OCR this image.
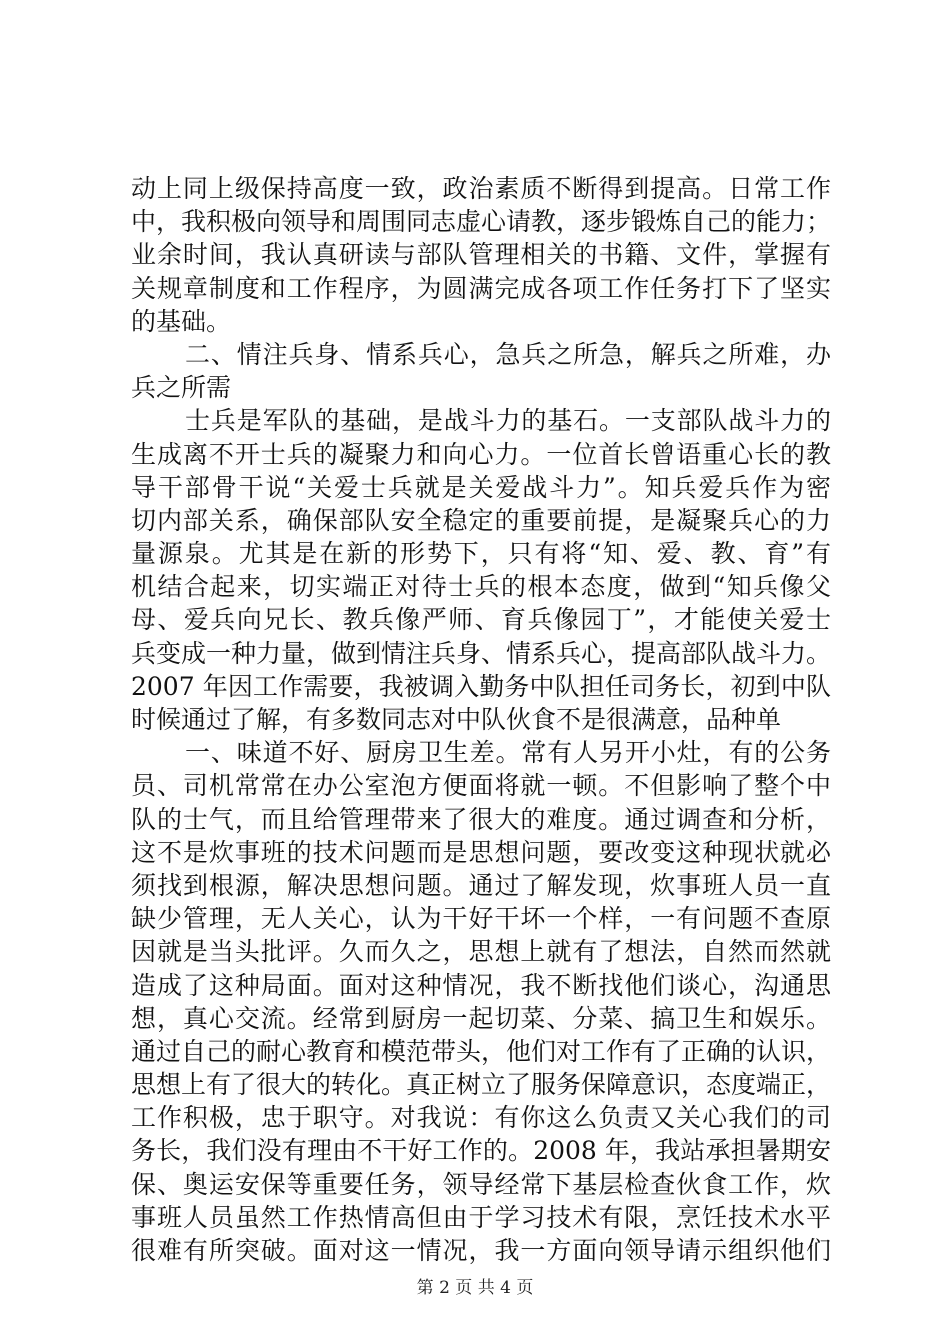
动上同上级保持高度一致，政治素质不断得到提高。日常工作
中，我积极向领导和周围同志虚心请教，逐步锻炼自己的能力；
业余时间，我认真研读与部队管理相关的书籍、文件，掌握有
关规章制度和工作程序，为圆满完成各项工作任务打下了坚实
的基础。
二、情注兵身、情系兵心，急兵之所急，解兵之所难，办
兵之所需
士兵是军队的基础，是战斗力的基石。一支部队战斗力的
生成离不开士兵的凝聚力和向心力。一位首长曾语重心长的教
导干部骨干说“关爱士兵就是关爱战斗力”。知兵爱兵作为密
切内部关系，确保部队安全稳定的重要前提，是凝聚兵心的力
量源泉。尤其是在新的形势下，只有将“知、爱、教、育”有
机结合起来，切实端正对待士兵的根本态度，做到“知兵像父
母、爱兵向兄长、教兵像严师、育兵像园丁”，才能使关爱士
兵变成一种力量，做到情注兵身、情系兵心，提高部队战斗力。
2007 年因工作需要，我被调入勤务中队担任司务长，初到中队
时候通过了解，有多数同志对中队伙食不是很满意，品种单
一、味道不好、厨房卫生差。常有人另开小灶，有的公务
员、司机常常在办公室泡方便面将就一顿。不但影响了整个中
队的士气，而且给管理带来了很大的难度。通过调查和分析，
这不是炊事班的技术问题而是思想问题，要改变这种现状就必
须找到根源，解决思想问题。通过了解发现，炊事班人员一直
缺少管理，无人关心，认为干好干坏一个样，一有问题不查原
因就是当头批评。久而久之，思想上就有了想法，自然而然就
造成了这种局面。面对这种情况，我不断找他们谈心，沟通思
想，真心交流。经常到厨房一起切菜、分菜、搞卫生和娱乐。
通过自己的耐心教育和模范带头，他们对工作有了正确的认识，
思想上有了很大的转化。真正树立了服务保障意识，态度端正，
工作积极，忠于职守。对我说：有你这么负责又关心我们的司
务长，我们没有理由不干好工作的。2008 年，我站承担暑期安
保、奥运安保等重要任务，领导经常下基层检查伙食工作，炊
事班人员虽然工作热情高但由于学习技术有限，烹饪技术水平
很难有所突破。面对这一情况，我一方面向领导请示组织他们
第 2 页 共 4 页
